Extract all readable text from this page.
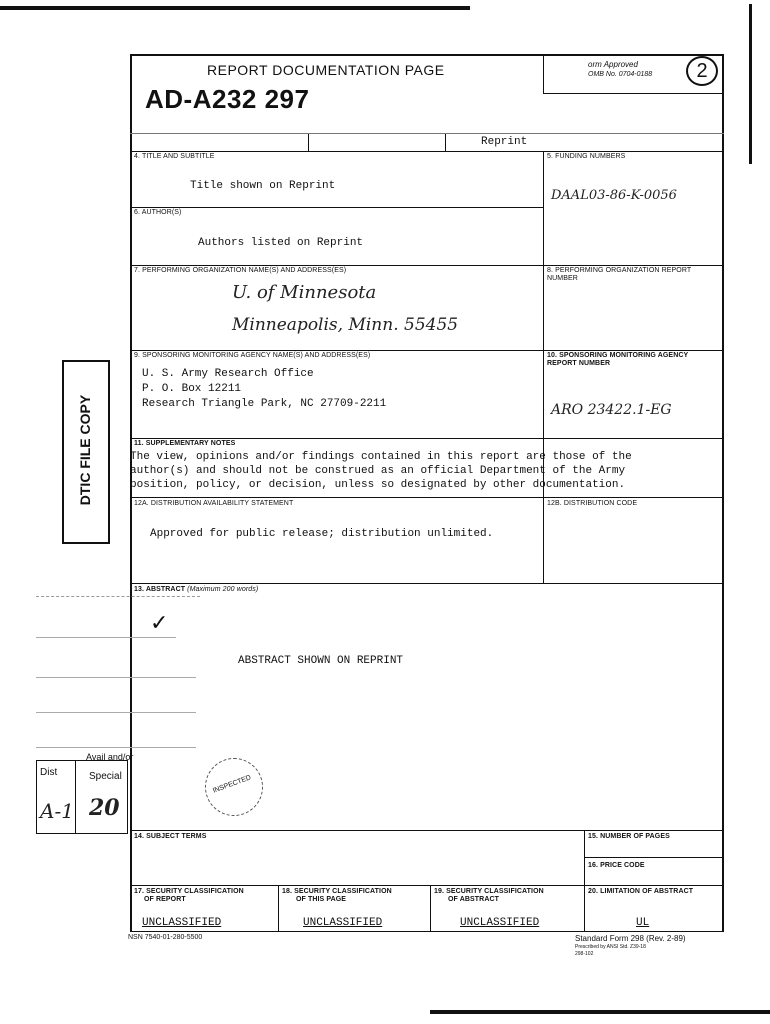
REPORT DOCUMENTATION PAGE
AD-A232 297
orm Approved
OMB No. 0704-0188	2
Reprint
4. TITLE AND SUBTITLE
Title shown on Reprint
5. FUNDING NUMBERS
DAAL03-86-K-0056
6. AUTHOR(S)
Authors listed on Reprint
7. PERFORMING ORGANIZATION NAME(S) AND ADDRESS(ES)
U. of Minnesota
Minneapolis, Minn. 55455
8. PERFORMING ORGANIZATION REPORT NUMBER
9. SPONSORING MONITORING AGENCY NAME(S) AND ADDRESS(ES)
U. S. Army Research Office
P. O. Box 12211
Research Triangle Park, NC 27709-2211
10. SPONSORING MONITORING AGENCY REPORT NUMBER
ARO 23422.1-EG
11. SUPPLEMENTARY NOTES
The view, opinions and/or findings contained in this report are those of the
author(s) and should not be construed as an official Department of the Army
position, policy, or decision, unless so designated by other documentation.
12A. DISTRIBUTION AVAILABILITY STATEMENT
Approved for public release; distribution unlimited.
12B. DISTRIBUTION CODE
13. ABSTRACT (Maximum 200 words)
ABSTRACT SHOWN ON REPRINT
14. SUBJECT TERMS	15. NUMBER OF PAGES
16. PRICE CODE
17. SECURITY CLASSIFICATION
OF REPORT
UNCLASSIFIED
18. SECURITY CLASSIFICATION
OF THIS PAGE
UNCLASSIFIED
19. SECURITY CLASSIFICATION
OF ABSTRACT
UNCLASSIFIED
20. LIMITATION OF ABSTRACT
UL
NSN 7540-01-280-5500	Standard Form 298 (Rev. 2-89)
Prescribed by ANSI Std. Z39-18
298-102
DTIC FILE COPY
Dist	Special
A-1 20
Avail and/or
✓
INSPECTED
